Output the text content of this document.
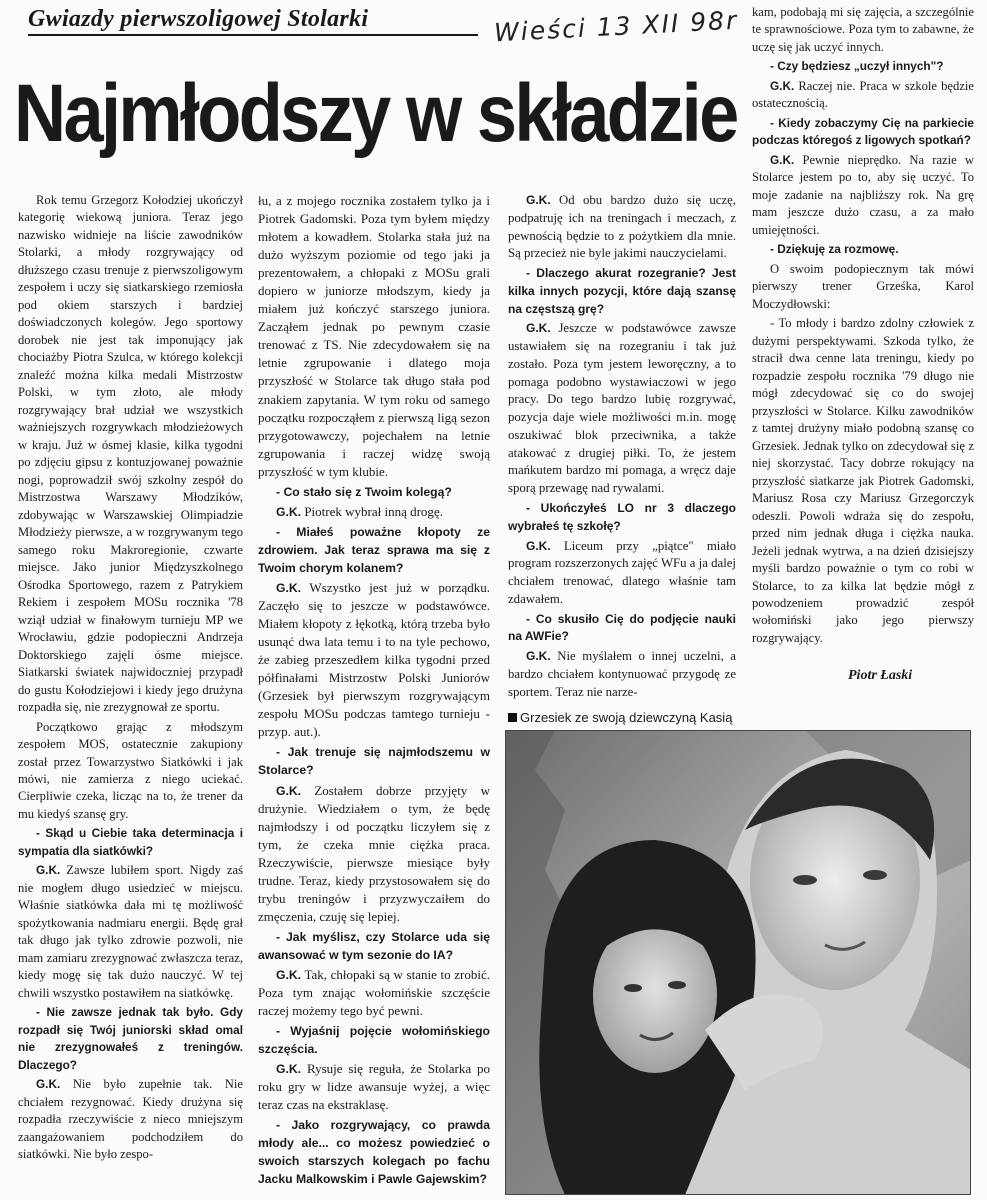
Gwiazdy pierwszoligowej Stolarki	Wieści 13 XII 98r
Najmłodszy w składzie

Rok temu Grzegorz Kołodziej ukończył kategorię wiekową juniora. Teraz jego nazwisko widnieje na liście zawodników Stolarki, a młody rozgrywający od dłuższego czasu trenuje z pierwszoligowym zespołem i uczy się siatkarskiego rzemiosła pod okiem starszych i bardziej doświadczonych kolegów. Jego sportowy dorobek nie jest tak imponujący jak chociażby Piotra Szulca, w którego kolekcji znaleźć można kilka medali Mistrzostw Polski, w tym złoto, ale młody rozgrywający brał udział we wszystkich ważniejszych rozgrywkach młodzieżowych w kraju. Już w ósmej klasie, kilka tygodni po zdjęciu gipsu z kontuzjowanej poważnie nogi, poprowadził swój szkolny zespół do Mistrzostwa Warszawy Młodzików, zdobywając w Warszawskiej Olimpiadzie Młodzieży pierwsze, a w rozgrywanym tego samego roku Makroregionie, czwarte miejsce. Jako junior Międzyszkolnego Ośrodka Sportowego, razem z Patrykiem Rekiem i zespołem MOSu rocznika '78 wziął udział w finałowym turnieju MP we Wrocławiu, gdzie podopieczni Andrzeja Doktorskiego zajęli ósme miejsce. Siatkarski światek najwidoczniej przypadł do gustu Kołodziejowi i kiedy jego drużyna rozpadła się, nie zrezygnował ze sportu.

Początkowo grając z młodszym zespołem MOS, ostatecznie zakupiony został przez Towarzystwo Siatkówki i jak mówi, nie zamierza z niego uciekać. Cierpliwie czeka, licząc na to, że trener da mu kiedyś szansę gry.

- Skąd u Ciebie taka determinacja i sympatia dla siatkówki?

G.K. Zawsze lubiłem sport. Nigdy zaś nie mogłem długo usiedzieć w miejscu. Właśnie siatkówka dała mi tę możliwość spożytkowania nadmiaru energii. Będę grał tak długo jak tylko zdrowie pozwoli, nie mam zamiaru zrezygnować zwłaszcza teraz, kiedy mogę się tak dużo nauczyć. W tej chwili wszystko postawiłem na siatkówkę.

- Nie zawsze jednak tak było. Gdy rozpadł się Twój juniorski skład omal nie zrezygnowałeś z treningów. Dlaczego?

G.K. Nie było zupełnie tak. Nie chciałem rezygnować. Kiedy drużyna się rozpadła rzeczywiście z nieco mniejszym zaangażowaniem podchodziłem do siatkówki. Nie było zespo-

łu, a z mojego rocznika zostałem tylko ja i Piotrek Gadomski. Poza tym byłem między młotem a kowadłem. Stolarka stała już na dużo wyższym poziomie od tego jaki ja prezentowałem, a chłopaki z MOSu grali dopiero w juniorze młodszym, kiedy ja miałem już kończyć starszego juniora. Zacząłem jednak po pewnym czasie trenować z TS. Nie zdecydowałem się na letnie zgrupowanie i dlatego moja przyszłość w Stolarce tak długo stała pod znakiem zapytania. W tym roku od samego początku rozpocząłem z pierwszą ligą sezon przygotowawczy, pojechałem na letnie zgrupowania i raczej widzę swoją przyszłość w tym klubie.

- Co stało się z Twoim kolegą?

G.K. Piotrek wybrał inną drogę.

- Miałeś poważne kłopoty ze zdrowiem. Jak teraz sprawa ma się z Twoim chorym kolanem?

G.K. Wszystko jest już w porządku. Zaczęło się to jeszcze w podstawówce. Miałem kłopoty z łękotką, którą trzeba było usunąć dwa lata temu i to na tyle pechowo, że zabieg przeszedłem kilka tygodni przed półfinałami Mistrzostw Polski Juniorów (Grzesiek był pierwszym rozgrywającym zespołu MOSu podczas tamtego turnieju - przyp. aut.).

- Jak trenuje się najmłodszemu w Stolarce?

G.K. Zostałem dobrze przyjęty w drużynie. Wiedziałem o tym, że będę najmłodszy i od początku liczyłem się z tym, że czeka mnie ciężka praca. Rzeczywiście, pierwsze miesiące były trudne. Teraz, kiedy przystosowałem się do trybu treningów i przyzwyczaiłem do zmęczenia, czuję się lepiej.

- Jak myślisz, czy Stolarce uda się awansować w tym sezonie do IA?

G.K. Tak, chłopaki są w stanie to zrobić. Poza tym znając wołomińskie szczęście raczej możemy tego być pewni.

- Wyjaśnij pojęcie wołomińskiego szczęścia.

G.K. Rysuje się reguła, że Stolarka po roku gry w lidze awansuje wyżej, a więc teraz czas na ekstraklasę.

- Jako rozgrywający, co prawda młody ale... co możesz powiedzieć o swoich starszych kolegach po fachu Jacku Malkowskim i Pawle Gajewskim?

G.K. Od obu bardzo dużo się uczę, podpatruję ich na treningach i meczach, z pewnością będzie to z pożytkiem dla mnie. Są przecież nie byle jakimi nauczycielami.

- Dlaczego akurat rozegranie? Jest kilka innych pozycji, które dają szansę na częstszą grę?

G.K. Jeszcze w podstawówce zawsze ustawiałem się na rozegraniu i tak już zostało. Poza tym jestem leworęczny, a to pomaga podobno wystawiaczowi w jego pracy. Do tego bardzo lubię rozgrywać, pozycja daje wiele możliwości m.in. mogę oszukiwać blok przeciwnika, a także atakować z drugiej piłki. To, że jestem mańkutem bardzo mi pomaga, a wręcz daje sporą przewagę nad rywalami.

- Ukończyłeś LO nr 3 dlaczego wybrałeś tę szkołę?

G.K. Liceum przy „piątce" miało program rozszerzonych zajęć WFu a ja dalej chciałem trenować, dlatego właśnie tam zdawałem.

- Co skusiło Cię do podjęcie nauki na AWFie?

G.K. Nie myślałem o innej uczelni, a bardzo chciałem kontynuować przygodę ze sportem. Teraz nie narze-

kam, podobają mi się zajęcia, a szczególnie te sprawnościowe. Poza tym to zabawne, że uczę się jak uczyć innych.

- Czy będziesz „uczył innych"?

G.K. Raczej nie. Praca w szkole będzie ostatecznością.

- Kiedy zobaczymy Cię na parkiecie podczas któregoś z ligowych spotkań?

G.K. Pewnie nieprędko. Na razie w Stolarce jestem po to, aby się uczyć. To moje zadanie na najbliższy rok. Na grę mam jeszcze dużo czasu, a za mało umiejętności.

- Dziękuję za rozmowę.

O swoim podopiecznym tak mówi pierwszy trener Grześka, Karol Moczydłowski:

- To młody i bardzo zdolny człowiek z dużymi perspektywami. Szkoda tylko, że stracił dwa cenne lata treningu, kiedy po rozpadzie zespołu rocznika '79 długo nie mógł zdecydować się co do swojej przyszłości w Stolarce. Kilku zawodników z tamtej drużyny miało podobną szansę co Grzesiek. Jednak tylko on zdecydował się z niej skorzystać. Tacy dobrze rokujący na przyszłość siatkarze jak Piotrek Gadomski, Mariusz Rosa czy Mariusz Grzegorczyk odeszli. Powoli wdraża się do zespołu, przed nim jednak długa i ciężka nauka. Jeżeli jednak wytrwa, a na dzień dzisiejszy myśli bardzo poważnie o tym co robi w Stolarce, to za kilka lat będzie mógł z powodzeniem prowadzić zespół wołomiński jako jego pierwszy rozgrywający.

Piotr Łaski
Grzesiek ze swoją dziewczyną Kasią
